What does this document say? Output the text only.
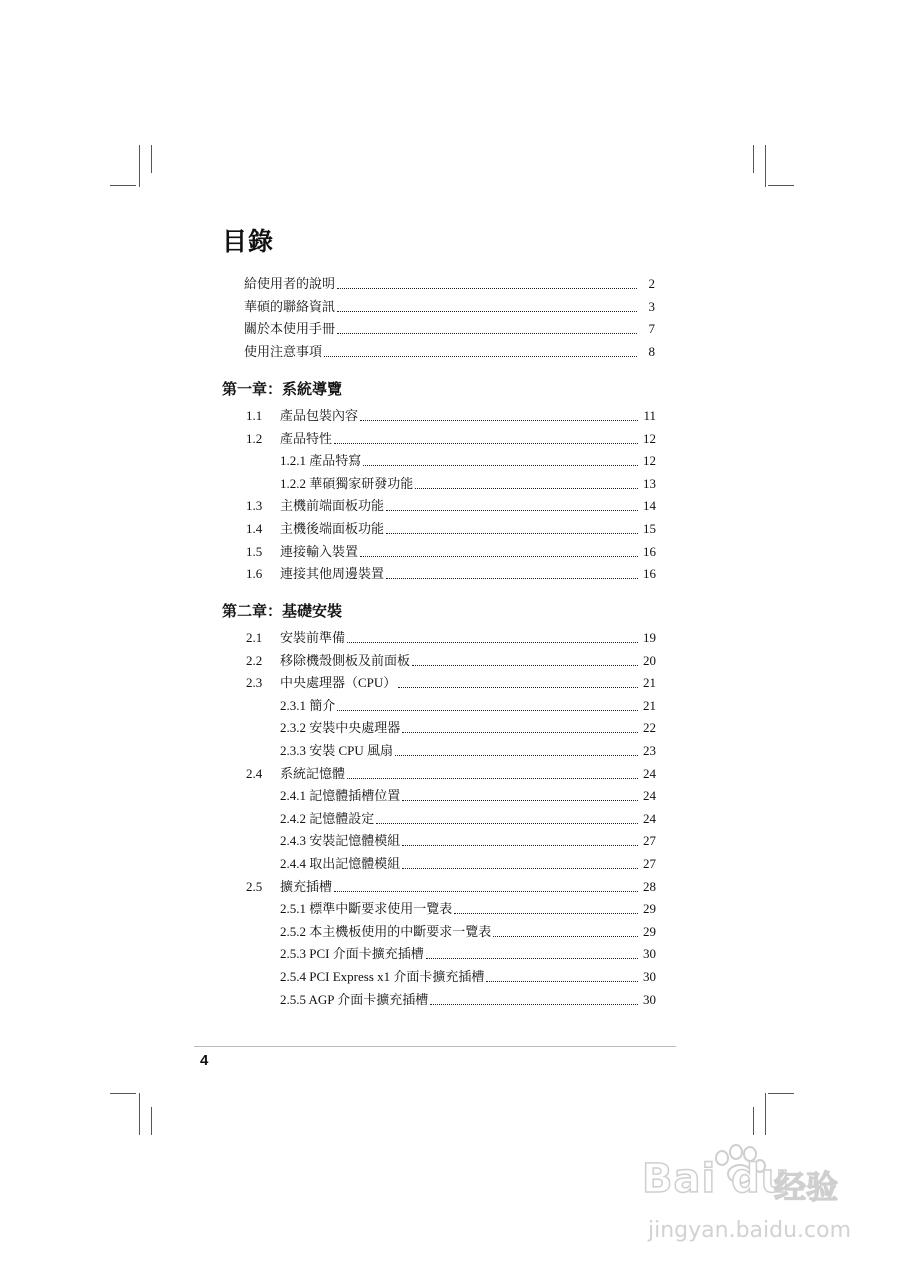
目錄
給使用者的說明	2
華碩的聯絡資訊	3
關於本使用手冊	7
使用注意事項	8
第一章：系統導覽
1.1	產品包裝內容	11
1.2	產品特性	12
1.2.1 產品特寫	12
1.2.2 華碩獨家研發功能	13
1.3	主機前端面板功能	14
1.4	主機後端面板功能	15
1.5	連接輸入裝置	16
1.6	連接其他周邊裝置	16
第二章：基礎安裝
2.1	安裝前準備	19
2.2	移除機殼側板及前面板	20
2.3	中央處理器（CPU）	21
2.3.1 簡介	21
2.3.2 安裝中央處理器	22
2.3.3 安裝 CPU 風扇	23
2.4	系統記憶體	24
2.4.1 記憶體插槽位置	24
2.4.2 記憶體設定	24
2.4.3 安裝記憶體模組	27
2.4.4 取出記憶體模組	27
2.5	擴充插槽	28
2.5.1 標準中斷要求使用一覽表	29
2.5.2 本主機板使用的中斷要求一覽表	29
2.5.3 PCI 介面卡擴充插槽	30
2.5.4 PCI Express x1 介面卡擴充插槽	30
2.5.5 AGP 介面卡擴充插槽	30
4
Bai du
经验
jingyan.baidu.com
